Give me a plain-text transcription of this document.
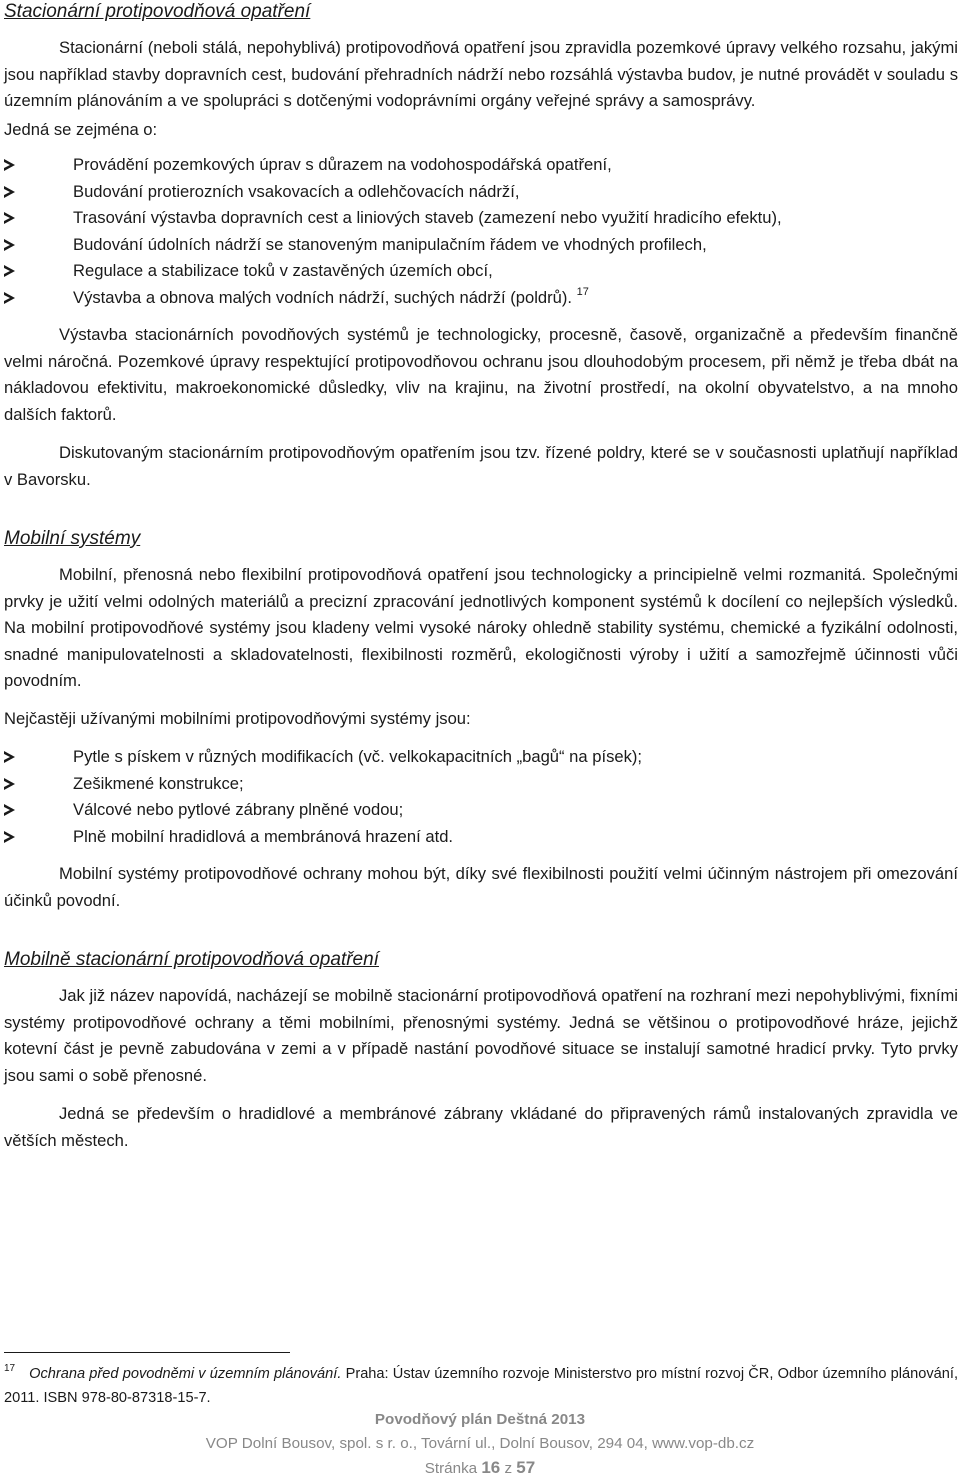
Stacionární protipovodňová opatření

Stacionární (neboli stálá, nepohyblivá) protipovodňová opatření jsou zpravidla pozemkové úpravy velkého rozsahu, jakými jsou například stavby dopravních cest, budování přehradních nádrží nebo rozsáhlá výstavba budov, je nutné provádět v souladu s územním plánováním a ve spolupráci s dotčenými vodoprávními orgány veřejné správy a samosprávy.

Jedná se zejména o:

Provádění pozemkových úprav s důrazem na vodohospodářská opatření,
Budování protierozních vsakovacích a odlehčovacích nádrží,
Trasování výstavba dopravních cest a liniových staveb (zamezení nebo využití hradicího efektu),
Budování údolních nádrží se stanoveným manipulačním řádem ve vhodných profilech,
Regulace a stabilizace toků v zastavěných územích obcí,
Výstavba a obnova malých vodních nádrží, suchých nádrží (poldrů). $^{17}$

Výstavba stacionárních povodňových systémů je technologicky, procesně, časově, organizačně a především finančně velmi náročná. Pozemkové úpravy respektující protipovodňovou ochranu jsou dlouhodobým procesem, při němž je třeba dbát na nákladovou efektivitu, makroekonomické důsledky, vliv na krajinu, na životní prostředí, na okolní obyvatelstvo, a na mnoho dalších faktorů.

Diskutovaným stacionárním protipovodňovým opatřením jsou tzv. řízené poldry, které se v současnosti uplatňují například v Bavorsku.

Mobilní systémy

Mobilní, přenosná nebo flexibilní protipovodňová opatření jsou technologicky a principielně velmi rozmanitá. Společnými prvky je užití velmi odolných materiálů a precizní zpracování jednotlivých komponent systémů k docílení co nejlepších výsledků. Na mobilní protipovodňové systémy jsou kladeny velmi vysoké nároky ohledně stability systému, chemické a fyzikální odolnosti, snadné manipulovatelnosti a skladovatelnosti, flexibilnosti rozměrů, ekologičnosti výroby i užití a samozřejmě účinnosti vůči povodním.

Nejčastěji užívanými mobilními protipovodňovými systémy jsou:

Pytle s pískem v různých modifikacích (vč. velkokapacitních „bagů“ na písek);
Zešikmené konstrukce;
Válcové nebo pytlové zábrany plněné vodou;
Plně mobilní hradidlová a membránová hrazení atd.

Mobilní systémy protipovodňové ochrany mohou být, díky své flexibilnosti použití velmi účinným nástrojem při omezování účinků povodní.

Mobilně stacionární protipovodňová opatření

Jak již název napovídá, nacházejí se mobilně stacionární protipovodňová opatření na rozhraní mezi nepohyblivými, fixními systémy protipovodňové ochrany a těmi mobilními, přenosnými systémy. Jedná se většinou o protipovodňové hráze, jejichž kotevní část je pevně zabudována v zemi a v případě nastání povodňové situace se instalují samotné hradicí prvky. Tyto prvky jsou sami o sobě přenosné.

Jedná se především o hradidlové a membránové zábrany vkládané do připravených rámů instalovaných zpravidla ve větších městech.

$^{17}$ Ochrana před povodněmi v územním plánování. Praha: Ústav územního rozvoje Ministerstvo pro místní rozvoj ČR, Odbor územního plánování, 2011. ISBN 978-80-87318-15-7.
Povodňový plán Deštná 2013
VOP Dolní Bousov, spol. s r. o., Tovární ul., Dolní Bousov, 294 04, www.vop-db.cz
Stránka 16 z 57
